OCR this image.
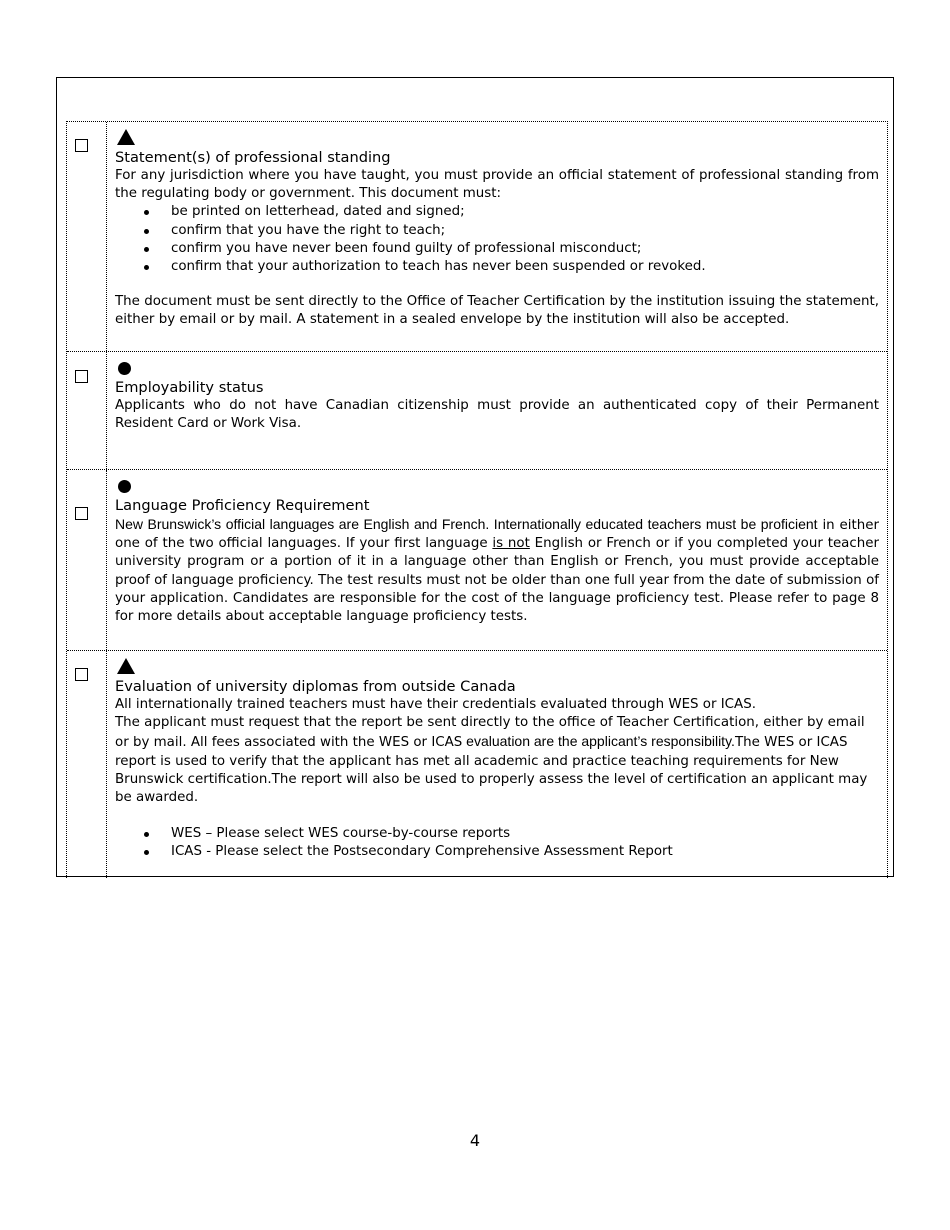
Statement(s) of professional standing
For any jurisdiction where you have taught, you must provide an official statement of professional standing from the regulating body or government. This document must:
be printed on letterhead, dated and signed;
confirm that you have the right to teach;
confirm you have never been found guilty of professional misconduct;
confirm that your authorization to teach has never been suspended or revoked.
The document must be sent directly to the Office of Teacher Certification by the institution issuing the statement, either by email or by mail. A statement in a sealed envelope by the institution will also be accepted.
Employability status
Applicants who do not have Canadian citizenship must provide an authenticated copy of their Permanent Resident Card or Work Visa.
Language Proficiency Requirement
New Brunswick’s official languages are English and French. Internationally educated teachers must be proficient in either one of the two official languages. If your first language is not English or French or if you completed your teacher university program or a portion of it in a language other than English or French, you must provide acceptable proof of language proficiency. The test results must not be older than one full year from the date of submission of your application. Candidates are responsible for the cost of the language proficiency test. Please refer to page 8 for more details about acceptable language proficiency tests.
Evaluation of university diplomas from outside Canada
All internationally trained teachers must have their credentials evaluated through WES or ICAS.
The applicant must request that the report be sent directly to the office of Teacher Certification, either by email or by mail. All fees associated with the WES or ICAS evaluation are the applicant’s responsibility.The WES or ICAS report is used to verify that the applicant has met all academic and practice teaching requirements for New Brunswick certification.The report will also be used to properly assess the level of certification an applicant may be awarded.
WES – Please select WES course-by-course reports
ICAS - Please select the Postsecondary Comprehensive Assessment Report
4
